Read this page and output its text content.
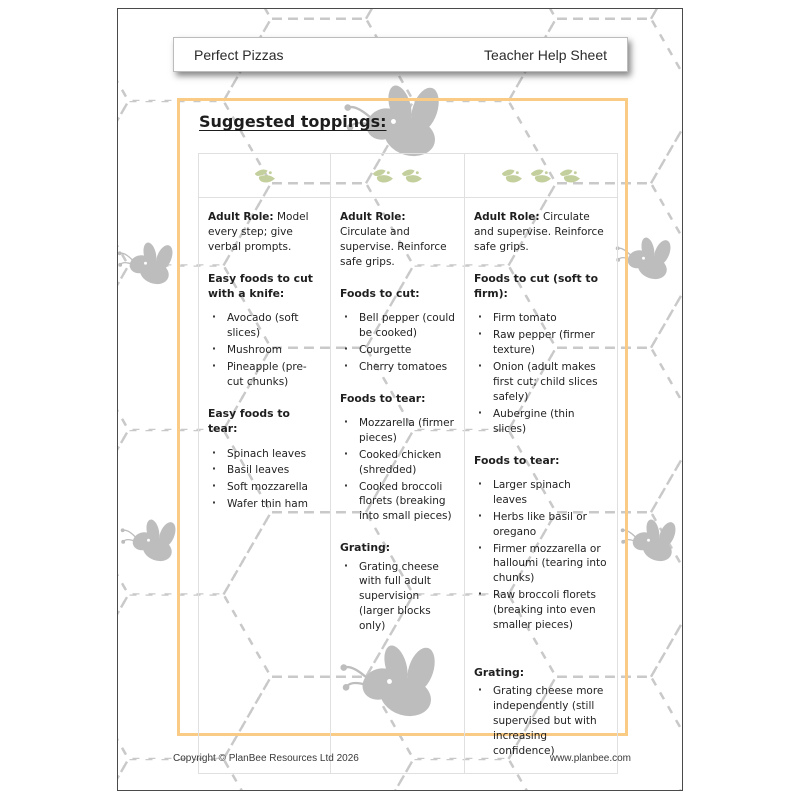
Perfect Pizzas	Teacher Help Sheet
Suggested toppings:

Adult Role: Model every step; give verbal prompts.

Easy foods to cut with a knife:
· Avocado (soft slices)
· Mushroom
· Pineapple (pre-cut chunks)
Easy foods to tear:
· Spinach leaves
· Basil leaves
· Soft mozzarella
· Wafer thin ham

Adult Role: Circulate and supervise. Reinforce safe grips.

Foods to cut:
· Bell pepper (could be cooked)
· Courgette
· Cherry tomatoes
Foods to tear:
· Mozzarella (firmer pieces)
· Cooked chicken (shredded)
· Cooked broccoli florets (breaking into small pieces)
Grating:
· Grating cheese with full adult supervision (larger blocks only)

Adult Role: Circulate and supervise. Reinforce safe grips.

Foods to cut (soft to firm):
· Firm tomato
· Raw pepper (firmer texture)
· Onion (adult makes first cut; child slices safely)
· Aubergine (thin slices)
Foods to tear:
· Larger spinach leaves
· Herbs like basil or oregano
· Firmer mozzarella or halloumi (tearing into chunks)
· Raw broccoli florets (breaking into even smaller pieces)
Grating:
· Grating cheese more independently (still supervised but with increasing confidence)
Copyright © PlanBee Resources Ltd 2026	www.planbee.com
